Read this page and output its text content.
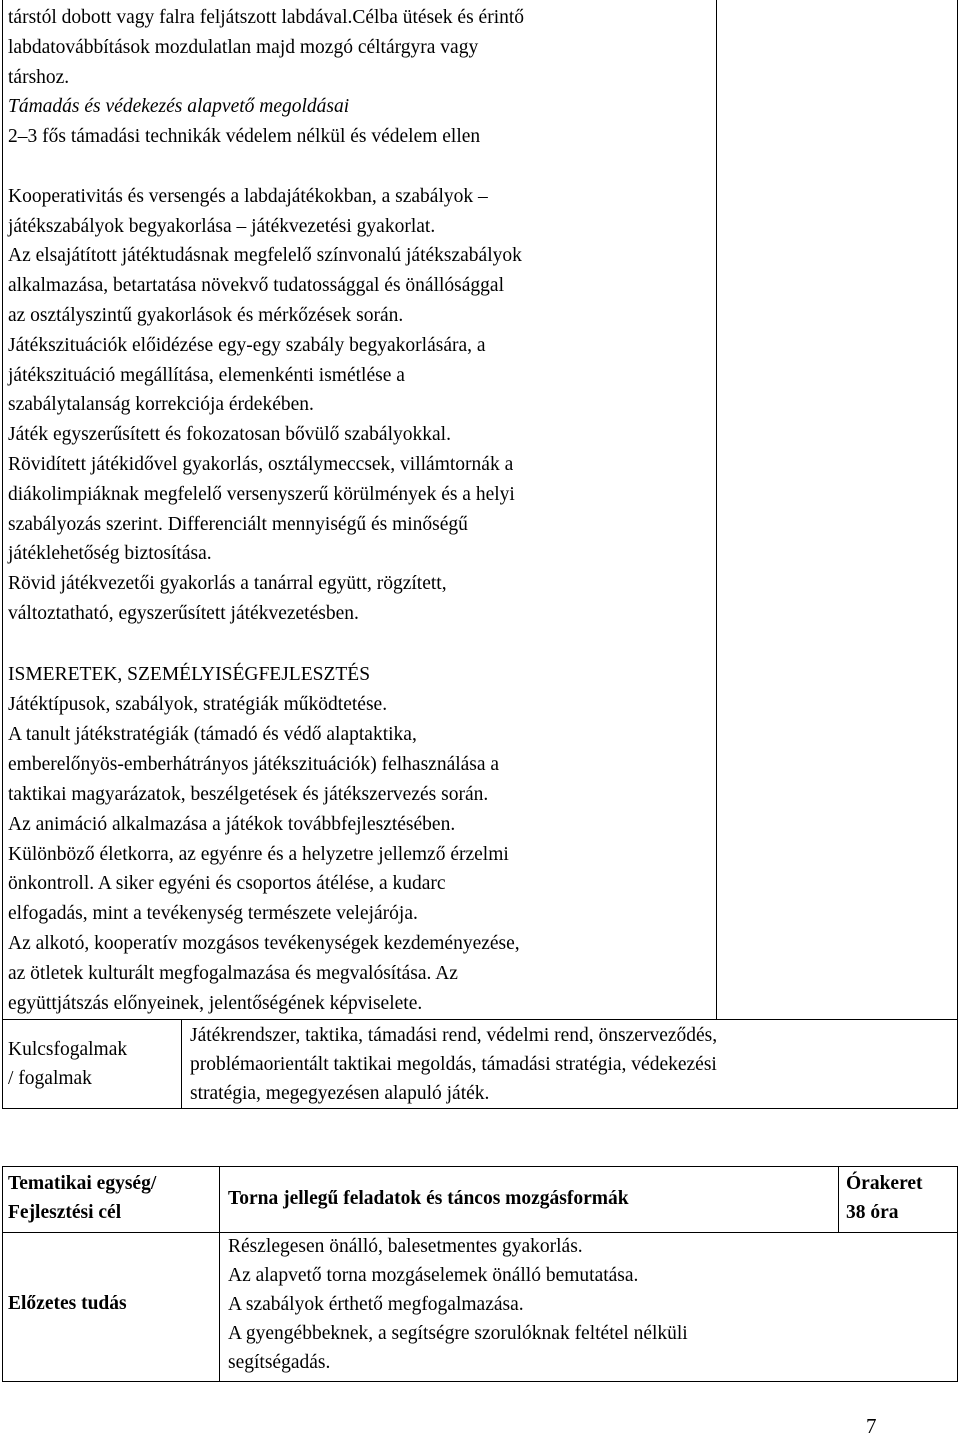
társtól dobott vagy falra feljátszott labdával.Célba ütések és érintő
labdatovábbítások mozdulatlan majd mozgó céltárgyra vagy
társhoz.
Támadás és védekezés alapvető megoldásai
2–3 fős támadási technikák védelem nélkül és védelem ellen
Kooperativitás és versengés a labdajátékokban, a szabályok –
játékszabályok begyakorlása – játékvezetési gyakorlat.
Az elsajátított játéktudásnak megfelelő színvonalú játékszabályok
alkalmazása, betartatása növekvő tudatossággal és önállósággal
az osztályszintű gyakorlások és mérkőzések során.
Játékszituációk előidézése egy-egy szabály begyakorlására, a
játékszituáció megállítása, elemenkénti ismétlése a
szabálytalanság korrekciója érdekében.
Játék egyszerűsített és fokozatosan bővülő szabályokkal.
Rövidített játékidővel gyakorlás, osztálymeccsek, villámtornák a
diákolimpiáknak megfelelő versenyszerű körülmények és a helyi
szabályozás szerint. Differenciált mennyiségű és minőségű
játéklehetőség biztosítása.
Rövid játékvezetői gyakorlás a tanárral együtt, rögzített,
változtatható, egyszerűsített játékvezetésben.
ISMERETEK, SZEMÉLYISÉGFEJLESZTÉS
Játéktípusok, szabályok, stratégiák működtetése.
A tanult játékstratégiák (támadó és védő alaptaktika,
emberelőnyös-emberhátrányos játékszituációk) felhasználása a
taktikai magyarázatok, beszélgetések és játékszervezés során.
Az animáció alkalmazása a játékok továbbfejlesztésében.
Különböző életkorra, az egyénre és a helyzetre jellemző érzelmi
önkontroll. A siker egyéni és csoportos átélése, a kudarc
elfogadás, mint a tevékenység természete velejárója.
Az alkotó, kooperatív mozgásos tevékenységek kezdeményezése,
az ötletek kulturált megfogalmazása és megvalósítása. Az
együttjátszás előnyeinek, jelentőségének képviselete.
Kulcsfogalmak
/ fogalmak
Játékrendszer, taktika, támadási rend, védelmi rend, önszerveződés,
problémaorientált taktikai megoldás, támadási stratégia, védekezési
stratégia, megegyezésen alapuló játék.
Tematikai egység/
Fejlesztési cél
Torna jellegű feladatok és táncos mozgásformák
Órakeret
38 óra
Előzetes tudás
Részlegesen önálló, balesetmentes gyakorlás.
Az alapvető torna mozgáselemek önálló bemutatása.
A szabályok érthető megfogalmazása.
A gyengébbeknek, a segítségre szorulóknak feltétel nélküli
segítségadás.
7
